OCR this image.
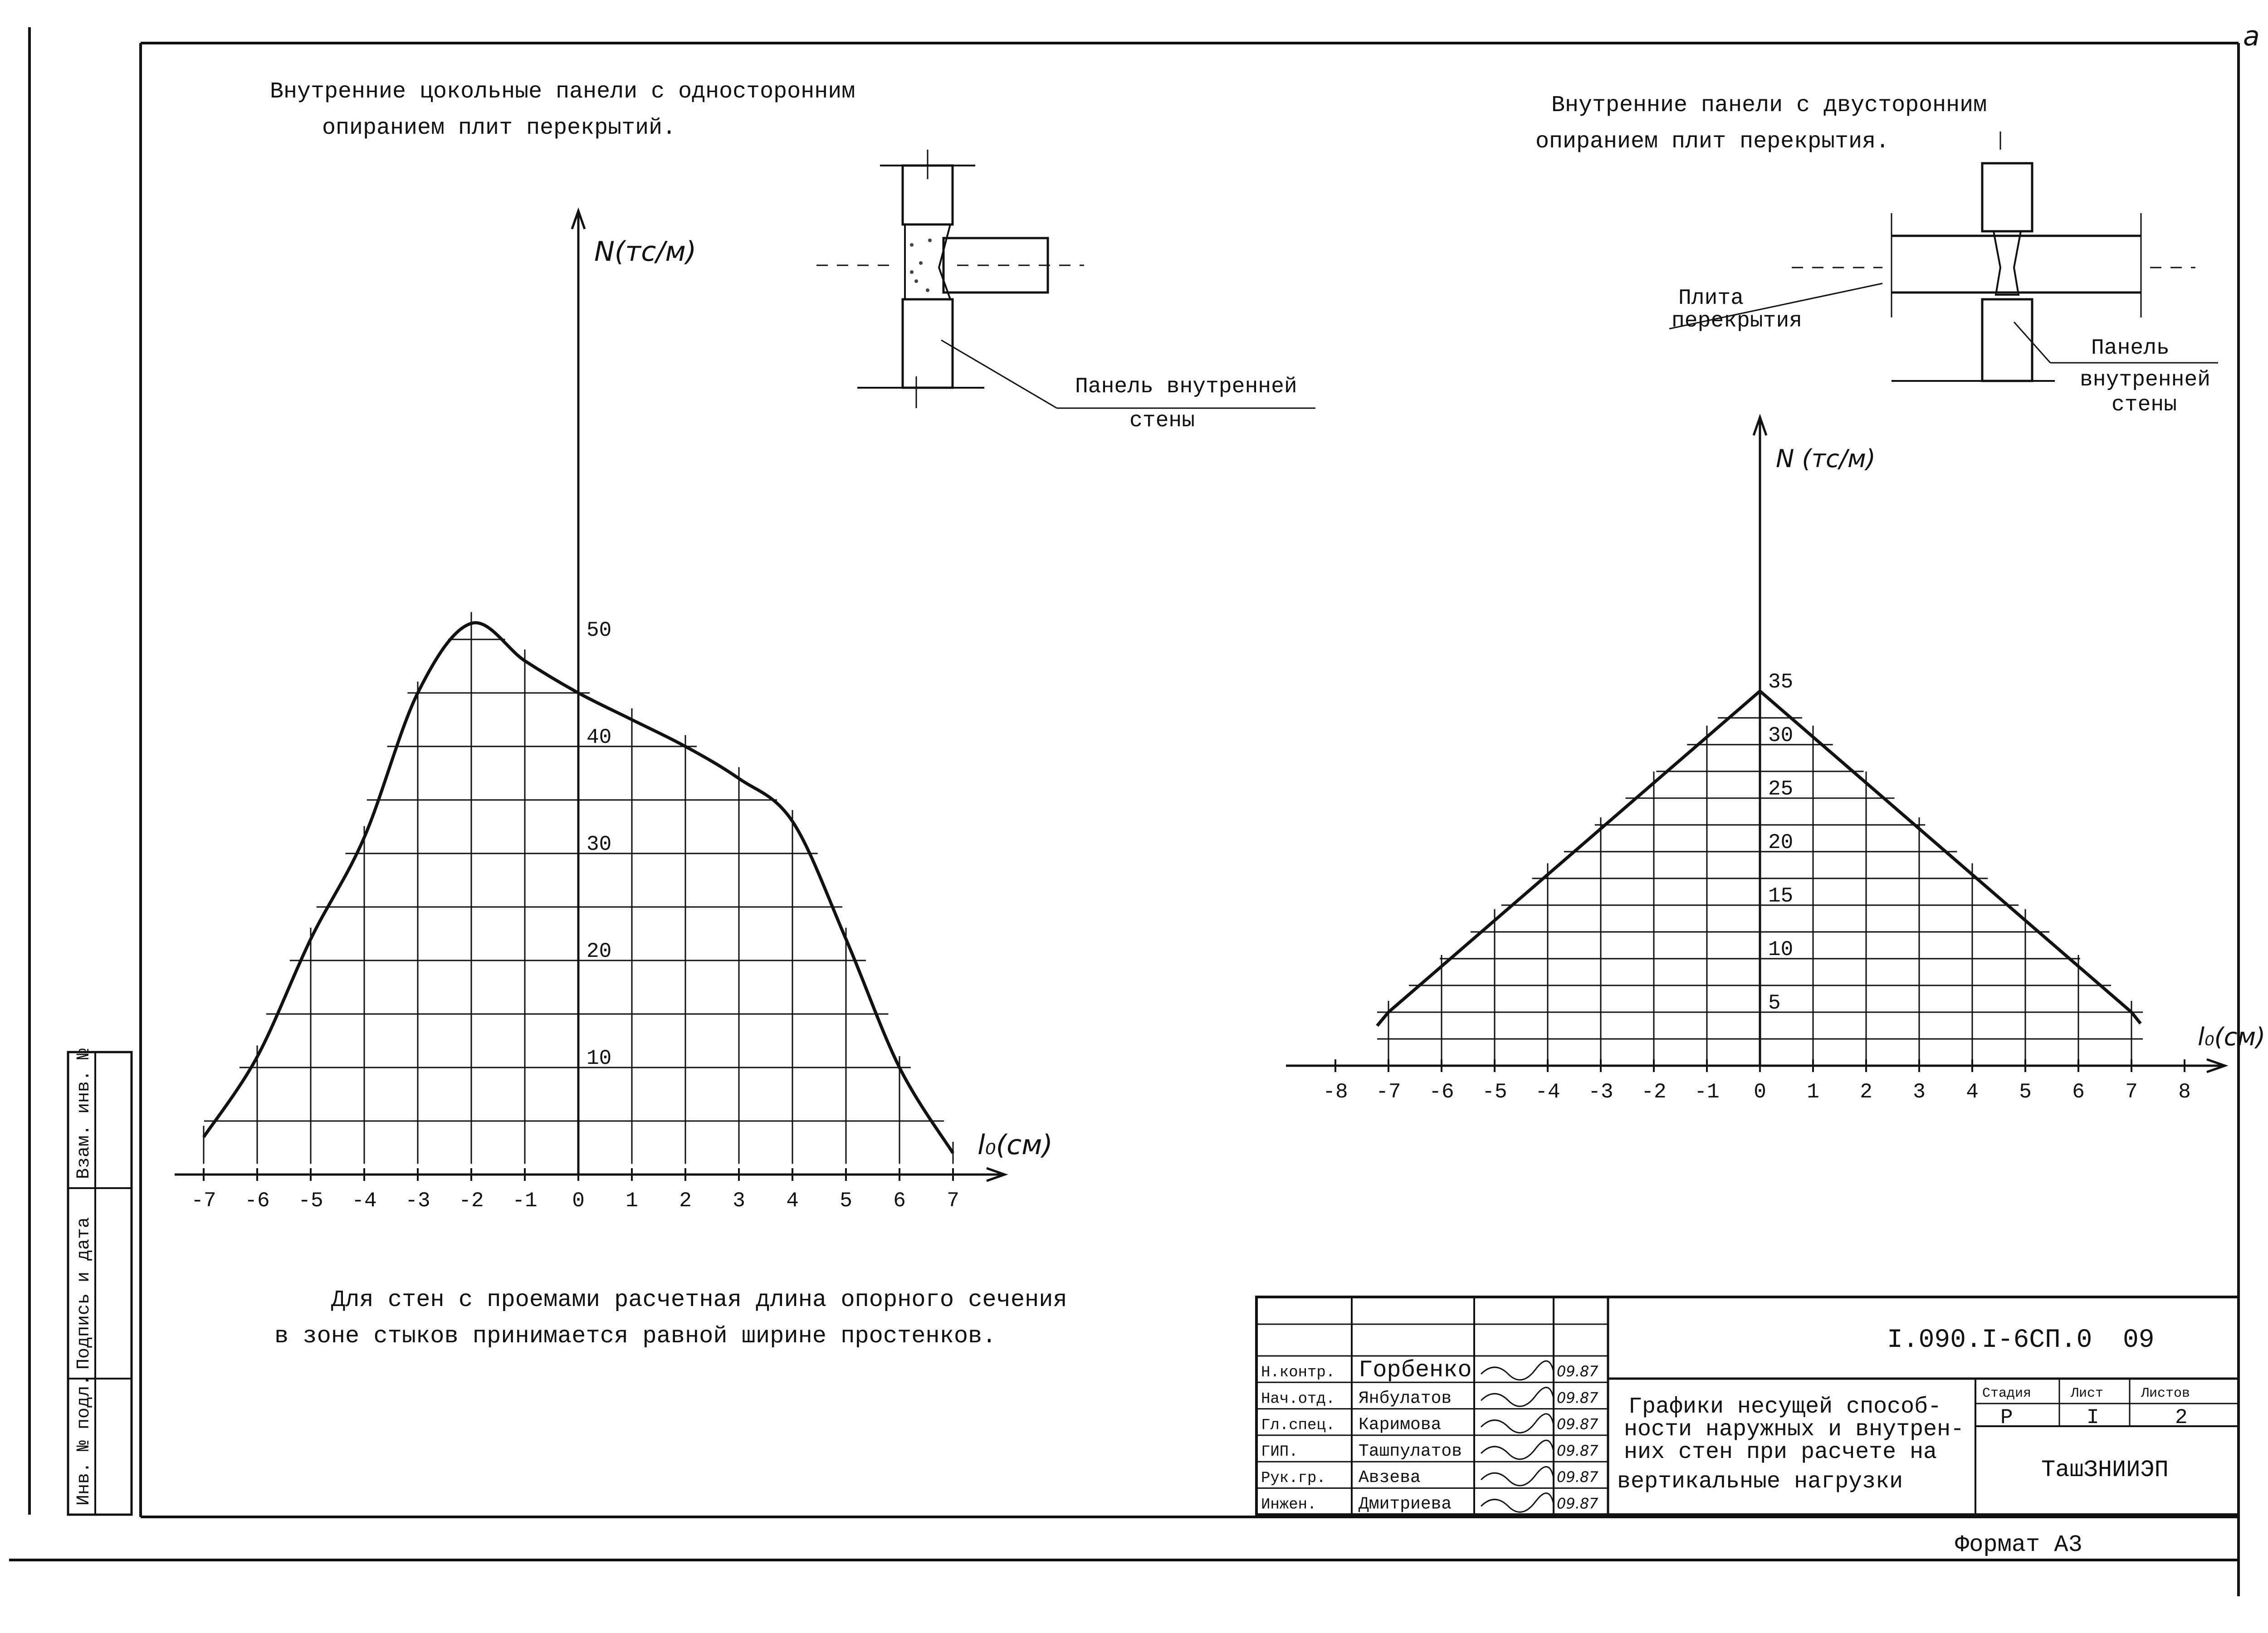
a
Инв. № подл.
Подпись и дата
Взам. инв. №
Внутренние цокольные панели с односторонним
опиранием плит перекрытий.
Внутренние панели с двусторонним
опиранием плит перекрытия.
Панель внутренней
стены
Плита
перекрытия
Панель
внутренней
стены
-7 -6 -5 -4 -3 -2 -1 0 1 2 3 4 5 6 7
10
20
30
40
50
N(тс/м)
l₀(см)
-8 -7 -6 -5 -4 -3 -2 -1 0 1 2 3 4 5 6 7 8
5
10
15
20
25
30
35
N (тс/м)
l₀(см)
Для стен с проемами расчетная длина опорного сечения
в зоне стыков принимается равной ширине простенков.
Н.контр. Горбенко	09.87
Нач.отд. Янбулатов	09.87
Гл.спец. Каримова	09.87
ГИП.	Ташпулатов	09.87
Рук.гр. Авзева	09.87
Инжен. Дмитриева	09.87
I.090.I-6СП.0 09
Графики несущей способ-
ности наружных и внутрен-
них стен при расчете на
вертикальные нагрузки
Стадия	Лист	Листов
Р	I	2
ТашЗНИИЭП
Формат А3
